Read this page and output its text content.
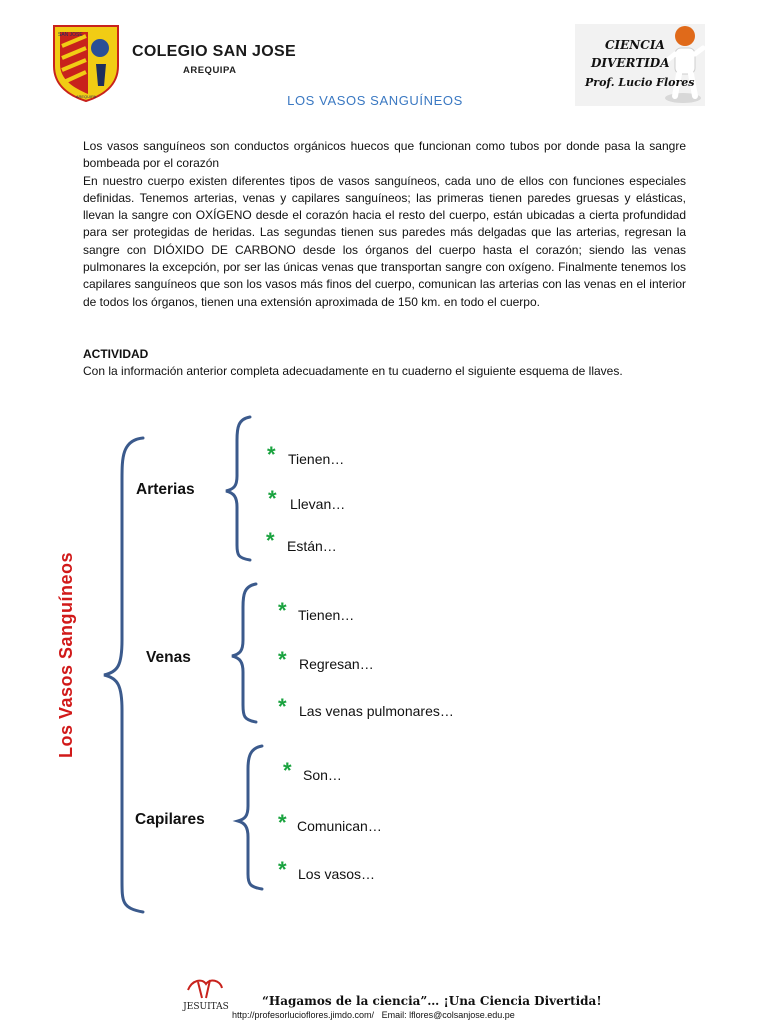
SAN JOSE
AREQUIPA
COLEGIO SAN JOSE
AREQUIPA
CIENCIA
DIVERTIDA
Prof. Lucio Flores
LOS VASOS SANGUÍNEOS

Los vasos sanguíneos son conductos orgánicos huecos que funcionan como tubos por donde pasa la sangre bombeada por el corazón

En nuestro cuerpo existen diferentes tipos de vasos sanguíneos, cada uno de ellos con funciones especiales definidas. Tenemos arterias, venas y capilares sanguíneos; las primeras tienen paredes gruesas y elásticas, llevan la sangre con OXÍGENO desde el corazón hacia el resto del cuerpo, están ubicadas a cierta profundidad para ser protegidas de heridas. Las segundas tienen sus paredes más delgadas que las arterias, regresan la sangre con DIÓXIDO DE CARBONO desde los órganos del cuerpo hasta el corazón; siendo las venas pulmonares la excepción, por ser las únicas venas que transportan sangre con oxígeno. Finalmente tenemos los capilares sanguíneos que son los vasos más finos del cuerpo, comunican las arterias con las venas en el interior de todos los órganos, tienen una extensión aproximada de 150 km. en todo el cuerpo.

ACTIVIDAD
Con la información anterior completa adecuadamente en tu cuaderno el siguiente esquema de llaves.
Los Vasos Sanguíneos
Arterias
* Tienen…
* Llevan…
* Están…
Venas
* Tienen…
* Regresan…
* Las venas pulmonares…
Capilares
* Son…
* Comunican…
* Los vasos…
JESUITAS	“Hagamos de la ciencia”… ¡Una Ciencia Divertida!
http://profesorlucioflores.jimdo.com/ Email: lflores@colsanjose.edu.pe
